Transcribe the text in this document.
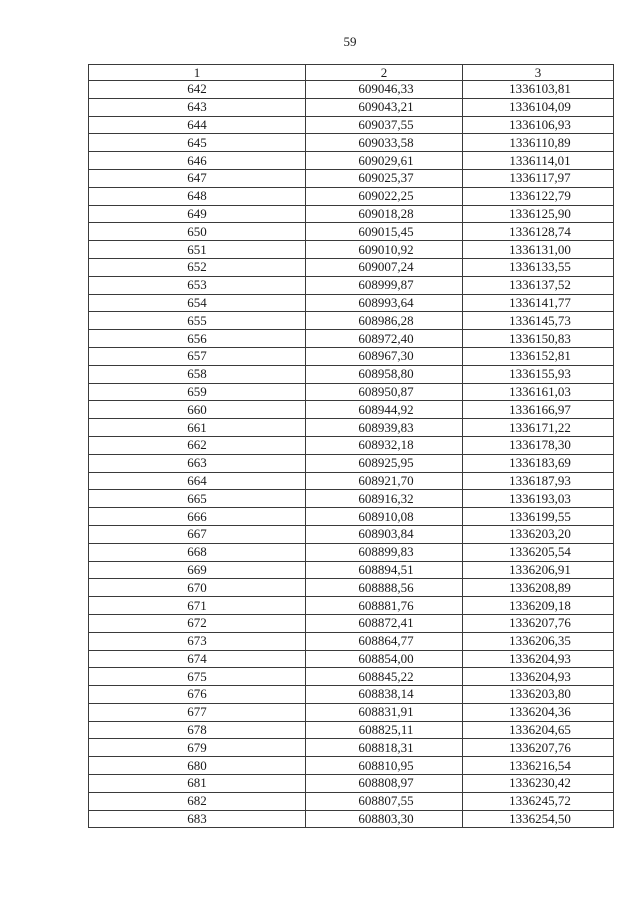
59
1	2	3
642	609046,33	1336103,81
643	609043,21	1336104,09
644	609037,55	1336106,93
645	609033,58	1336110,89
646	609029,61	1336114,01
647	609025,37	1336117,97
648	609022,25	1336122,79
649	609018,28	1336125,90
650	609015,45	1336128,74
651	609010,92	1336131,00
652	609007,24	1336133,55
653	608999,87	1336137,52
654	608993,64	1336141,77
655	608986,28	1336145,73
656	608972,40	1336150,83
657	608967,30	1336152,81
658	608958,80	1336155,93
659	608950,87	1336161,03
660	608944,92	1336166,97
661	608939,83	1336171,22
662	608932,18	1336178,30
663	608925,95	1336183,69
664	608921,70	1336187,93
665	608916,32	1336193,03
666	608910,08	1336199,55
667	608903,84	1336203,20
668	608899,83	1336205,54
669	608894,51	1336206,91
670	608888,56	1336208,89
671	608881,76	1336209,18
672	608872,41	1336207,76
673	608864,77	1336206,35
674	608854,00	1336204,93
675	608845,22	1336204,93
676	608838,14	1336203,80
677	608831,91	1336204,36
678	608825,11	1336204,65
679	608818,31	1336207,76
680	608810,95	1336216,54
681	608808,97	1336230,42
682	608807,55	1336245,72
683	608803,30	1336254,50
